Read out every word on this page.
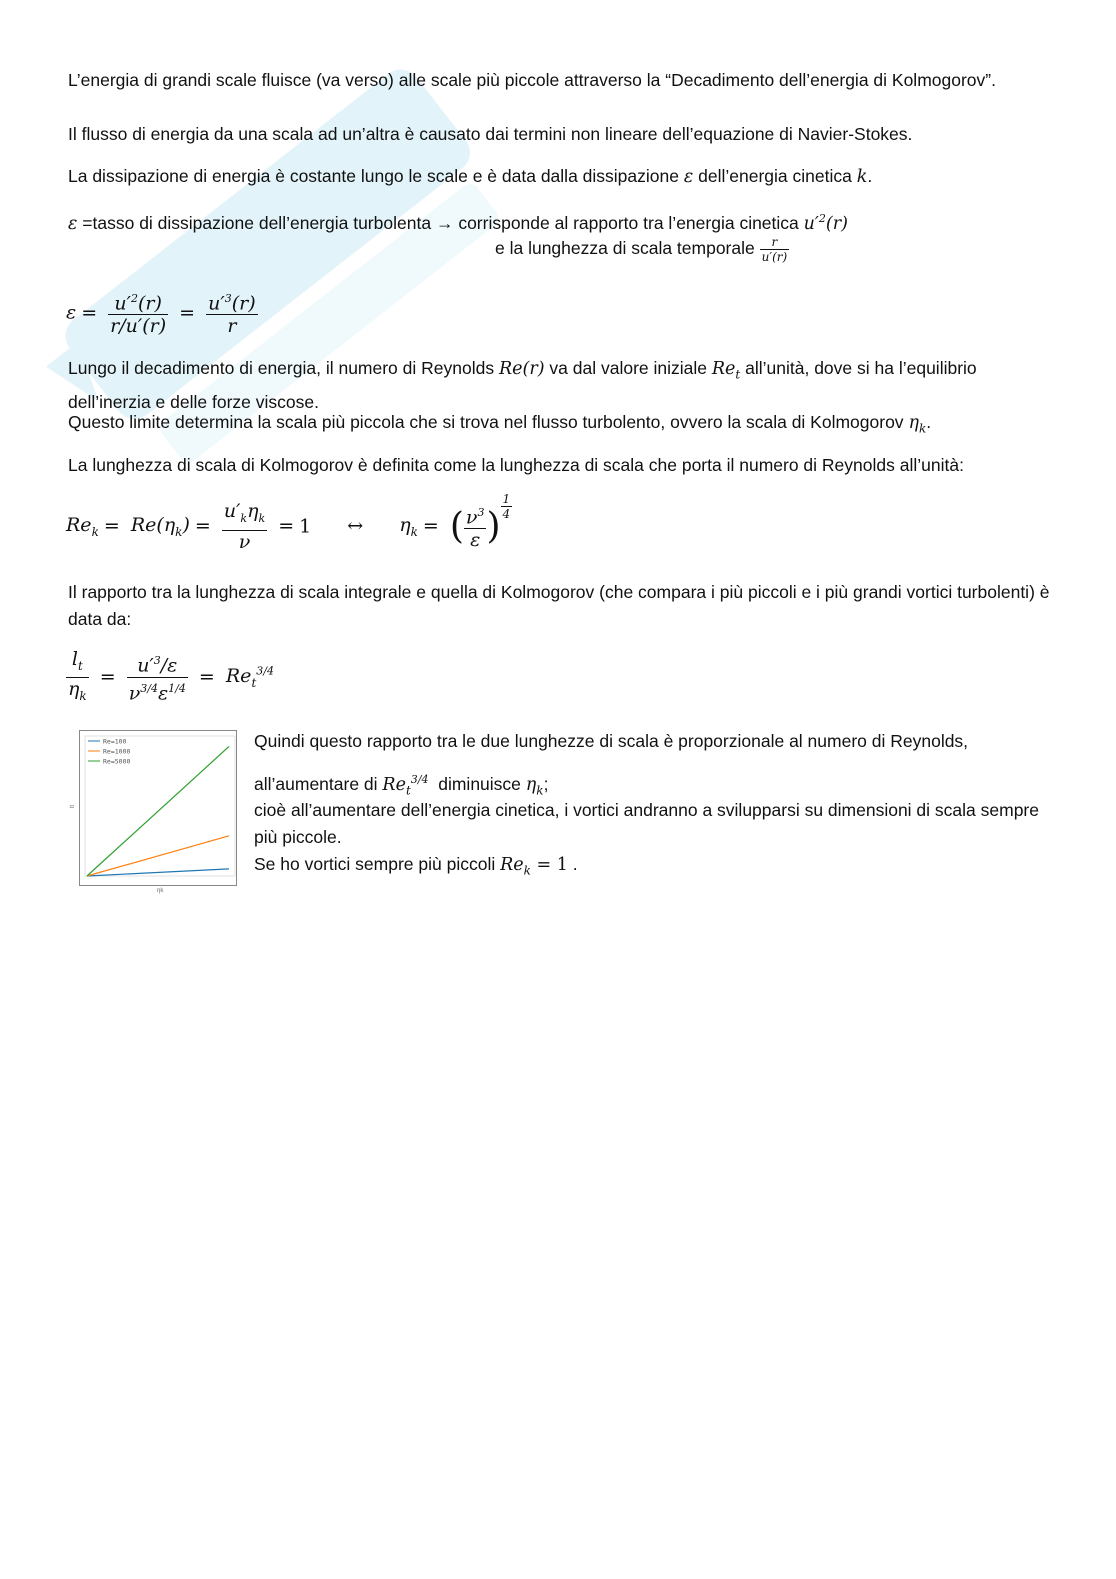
L’energia di grandi scale fluisce (va verso) alle scale più piccole attraverso la “Decadimento dell’energia di Kolmogorov”.

Il flusso di energia da una scala ad un’altra è causato dai termini non lineare dell’equazione di Navier-Stokes.

La dissipazione di energia è costante lungo le scale e è data dalla dissipazione ε dell’energia cinetica k.

ε =tasso di dissipazione dell’energia turbolenta → corrisponde al rapporto tra l’energia cinetica $u'^2(r)$

e la lunghezza di scala temporale $\frac{r}{u'(r)}$

$\varepsilon = \frac{u'^2(r)}{r/u'(r)} = \frac{u'^3(r)}{r}$

Lungo il decadimento di energia, il numero di Reynolds Re(r) va dal valore iniziale $Re_t$ all’unità, dove si ha l’equilibrio dell’inerzia e delle forze viscose.

Questo limite determina la scala più piccola che si trova nel flusso turbolento, ovvero la scala di Kolmogorov $\eta_k$.

La lunghezza di scala di Kolmogorov è definita come la lunghezza di scala che porta il numero di Reynolds all’unità:

$Re_k = Re(\eta_k) = \frac{u'_k\eta_k}{\nu} = 1$ ↔ $\eta_k$ = ( $\frac{\nu^3}{\varepsilon}$ ) $\frac{1}{4}$

Il rapporto tra la lunghezza di scala integrale e quella di Kolmogorov (che compara i più piccoli e i più grandi vortici turbolenti) è data da:

$\frac{l_t}{\eta_k} = \frac{u'^3/\varepsilon}{\nu^{3/4}\varepsilon^{1/4}} = Re_t^{3/4}$
Re=100
Re=1000
Re=5000
lt
ηk

Quindi questo rapporto tra le due lunghezze di scala è proporzionale al numero di Reynolds,

all’aumentare di $Re_t^{3/4}$ diminuisce $\eta_k$;

cioè all’aumentare dell’energia cinetica, i vortici andranno a svilupparsi su dimensioni di scala sempre più piccole.

Se ho vortici sempre più piccoli $Re_k = 1$ .
